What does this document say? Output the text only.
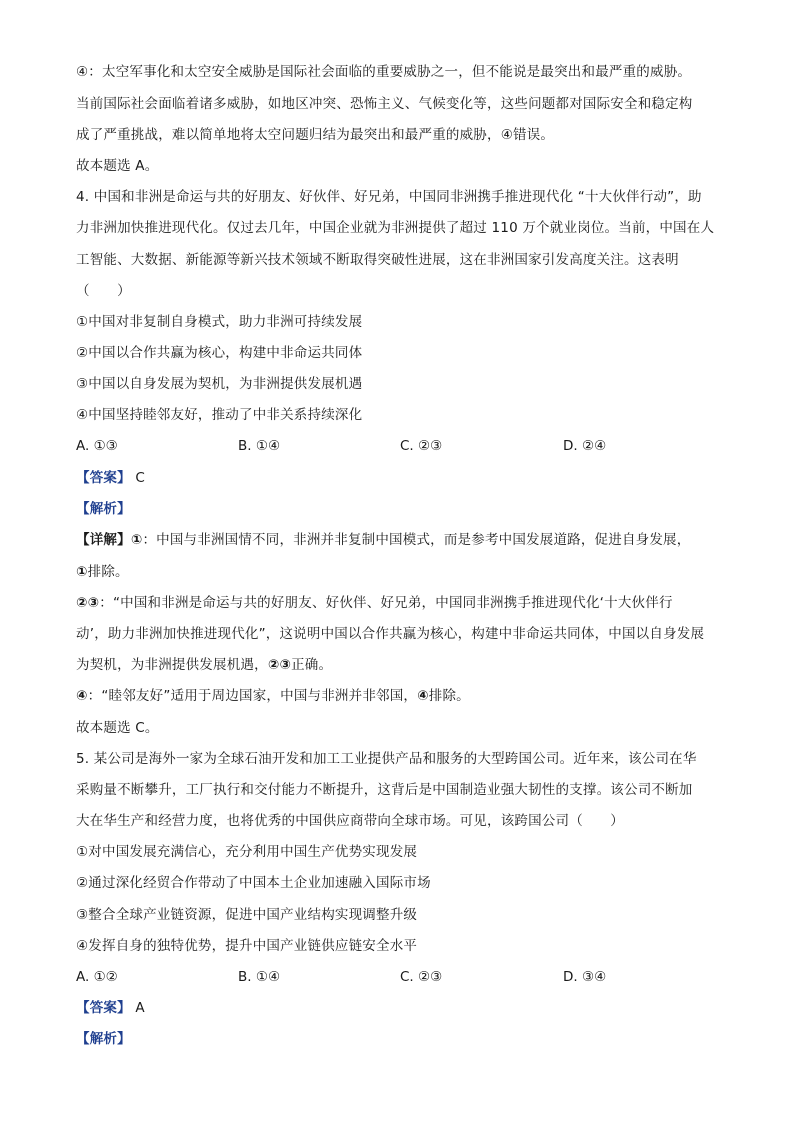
④：太空军事化和太空安全威胁是国际社会面临的重要威胁之一，但不能说是最突出和最严重的威胁。
当前国际社会面临着诸多威胁，如地区冲突、恐怖主义、气候变化等，这些问题都对国际安全和稳定构
成了严重挑战，难以简单地将太空问题归结为最突出和最严重的威胁，④错误。
故本题选 A。
4. 中国和非洲是命运与共的好朋友、好伙伴、好兄弟，中国同非洲携手推进现代化 “十大伙伴行动”，助
力非洲加快推进现代化。仅过去几年，中国企业就为非洲提供了超过 110 万个就业岗位。当前，中国在人
工智能、大数据、新能源等新兴技术领域不断取得突破性进展，这在非洲国家引发高度关注。这表明
（　　）
①中国对非复制自身模式，助力非洲可持续发展
②中国以合作共赢为核心，构建中非命运共同体
③中国以自身发展为契机，为非洲提供发展机遇
④中国坚持睦邻友好，推动了中非关系持续深化
A. ①③	B. ①④	C. ②③	D. ②④
【答案】 C
【解析】
【详解】①：中国与非洲国情不同，非洲并非复制中国模式，而是参考中国发展道路，促进自身发展，
①排除。
②③：“中国和非洲是命运与共的好朋友、好伙伴、好兄弟，中国同非洲携手推进现代化‘十大伙伴行
动’，助力非洲加快推进现代化”，这说明中国以合作共赢为核心，构建中非命运共同体，中国以自身发展
为契机，为非洲提供发展机遇，②③正确。
④：“睦邻友好”适用于周边国家，中国与非洲并非邻国，④排除。
故本题选 C。
5. 某公司是海外一家为全球石油开发和加工工业提供产品和服务的大型跨国公司。近年来，该公司在华
采购量不断攀升，工厂执行和交付能力不断提升，这背后是中国制造业强大韧性的支撑。该公司不断加
大在华生产和经营力度，也将优秀的中国供应商带向全球市场。可见，该跨国公司（　　）
①对中国发展充满信心，充分利用中国生产优势实现发展
②通过深化经贸合作带动了中国本土企业加速融入国际市场
③整合全球产业链资源，促进中国产业结构实现调整升级
④发挥自身的独特优势，提升中国产业链供应链安全水平
A. ①②	B. ①④	C. ②③	D. ③④
【答案】 A
【解析】
